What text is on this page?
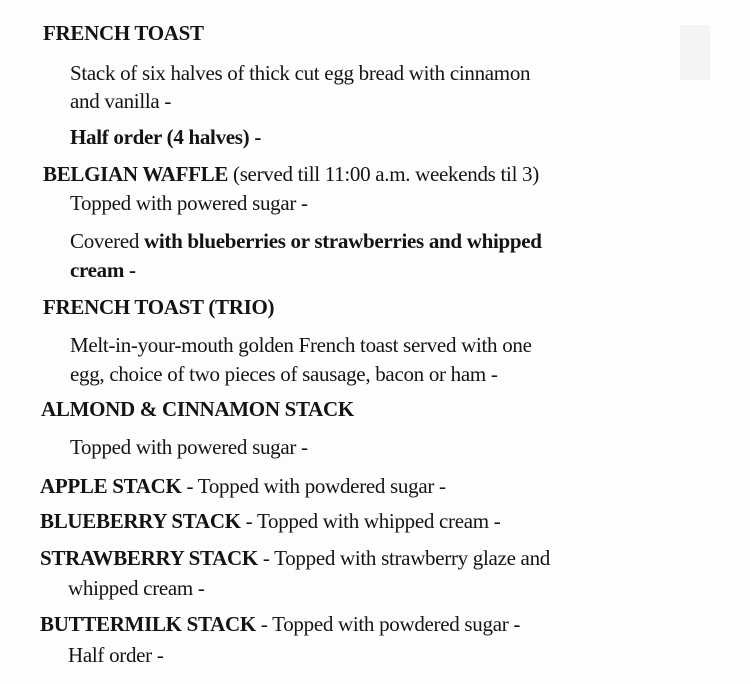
FRENCH TOAST
Stack of six halves of thick cut egg bread with cinnamon
and vanilla -
Half order (4 halves) -
BELGIAN WAFFLE (served till 11:00 a.m. weekends til 3)
Topped with powered sugar -
Covered with blueberries or strawberries and whipped
cream -
FRENCH TOAST (TRIO)
Melt-in-your-mouth golden French toast served with one
egg, choice of two pieces of sausage, bacon or ham -
ALMOND & CINNAMON STACK
Topped with powered sugar -
APPLE STACK - Topped with powdered sugar -
BLUEBERRY STACK - Topped with whipped cream -
STRAWBERRY STACK - Topped with strawberry glaze and
whipped cream -
BUTTERMILK STACK - Topped with powdered sugar -
Half order -
